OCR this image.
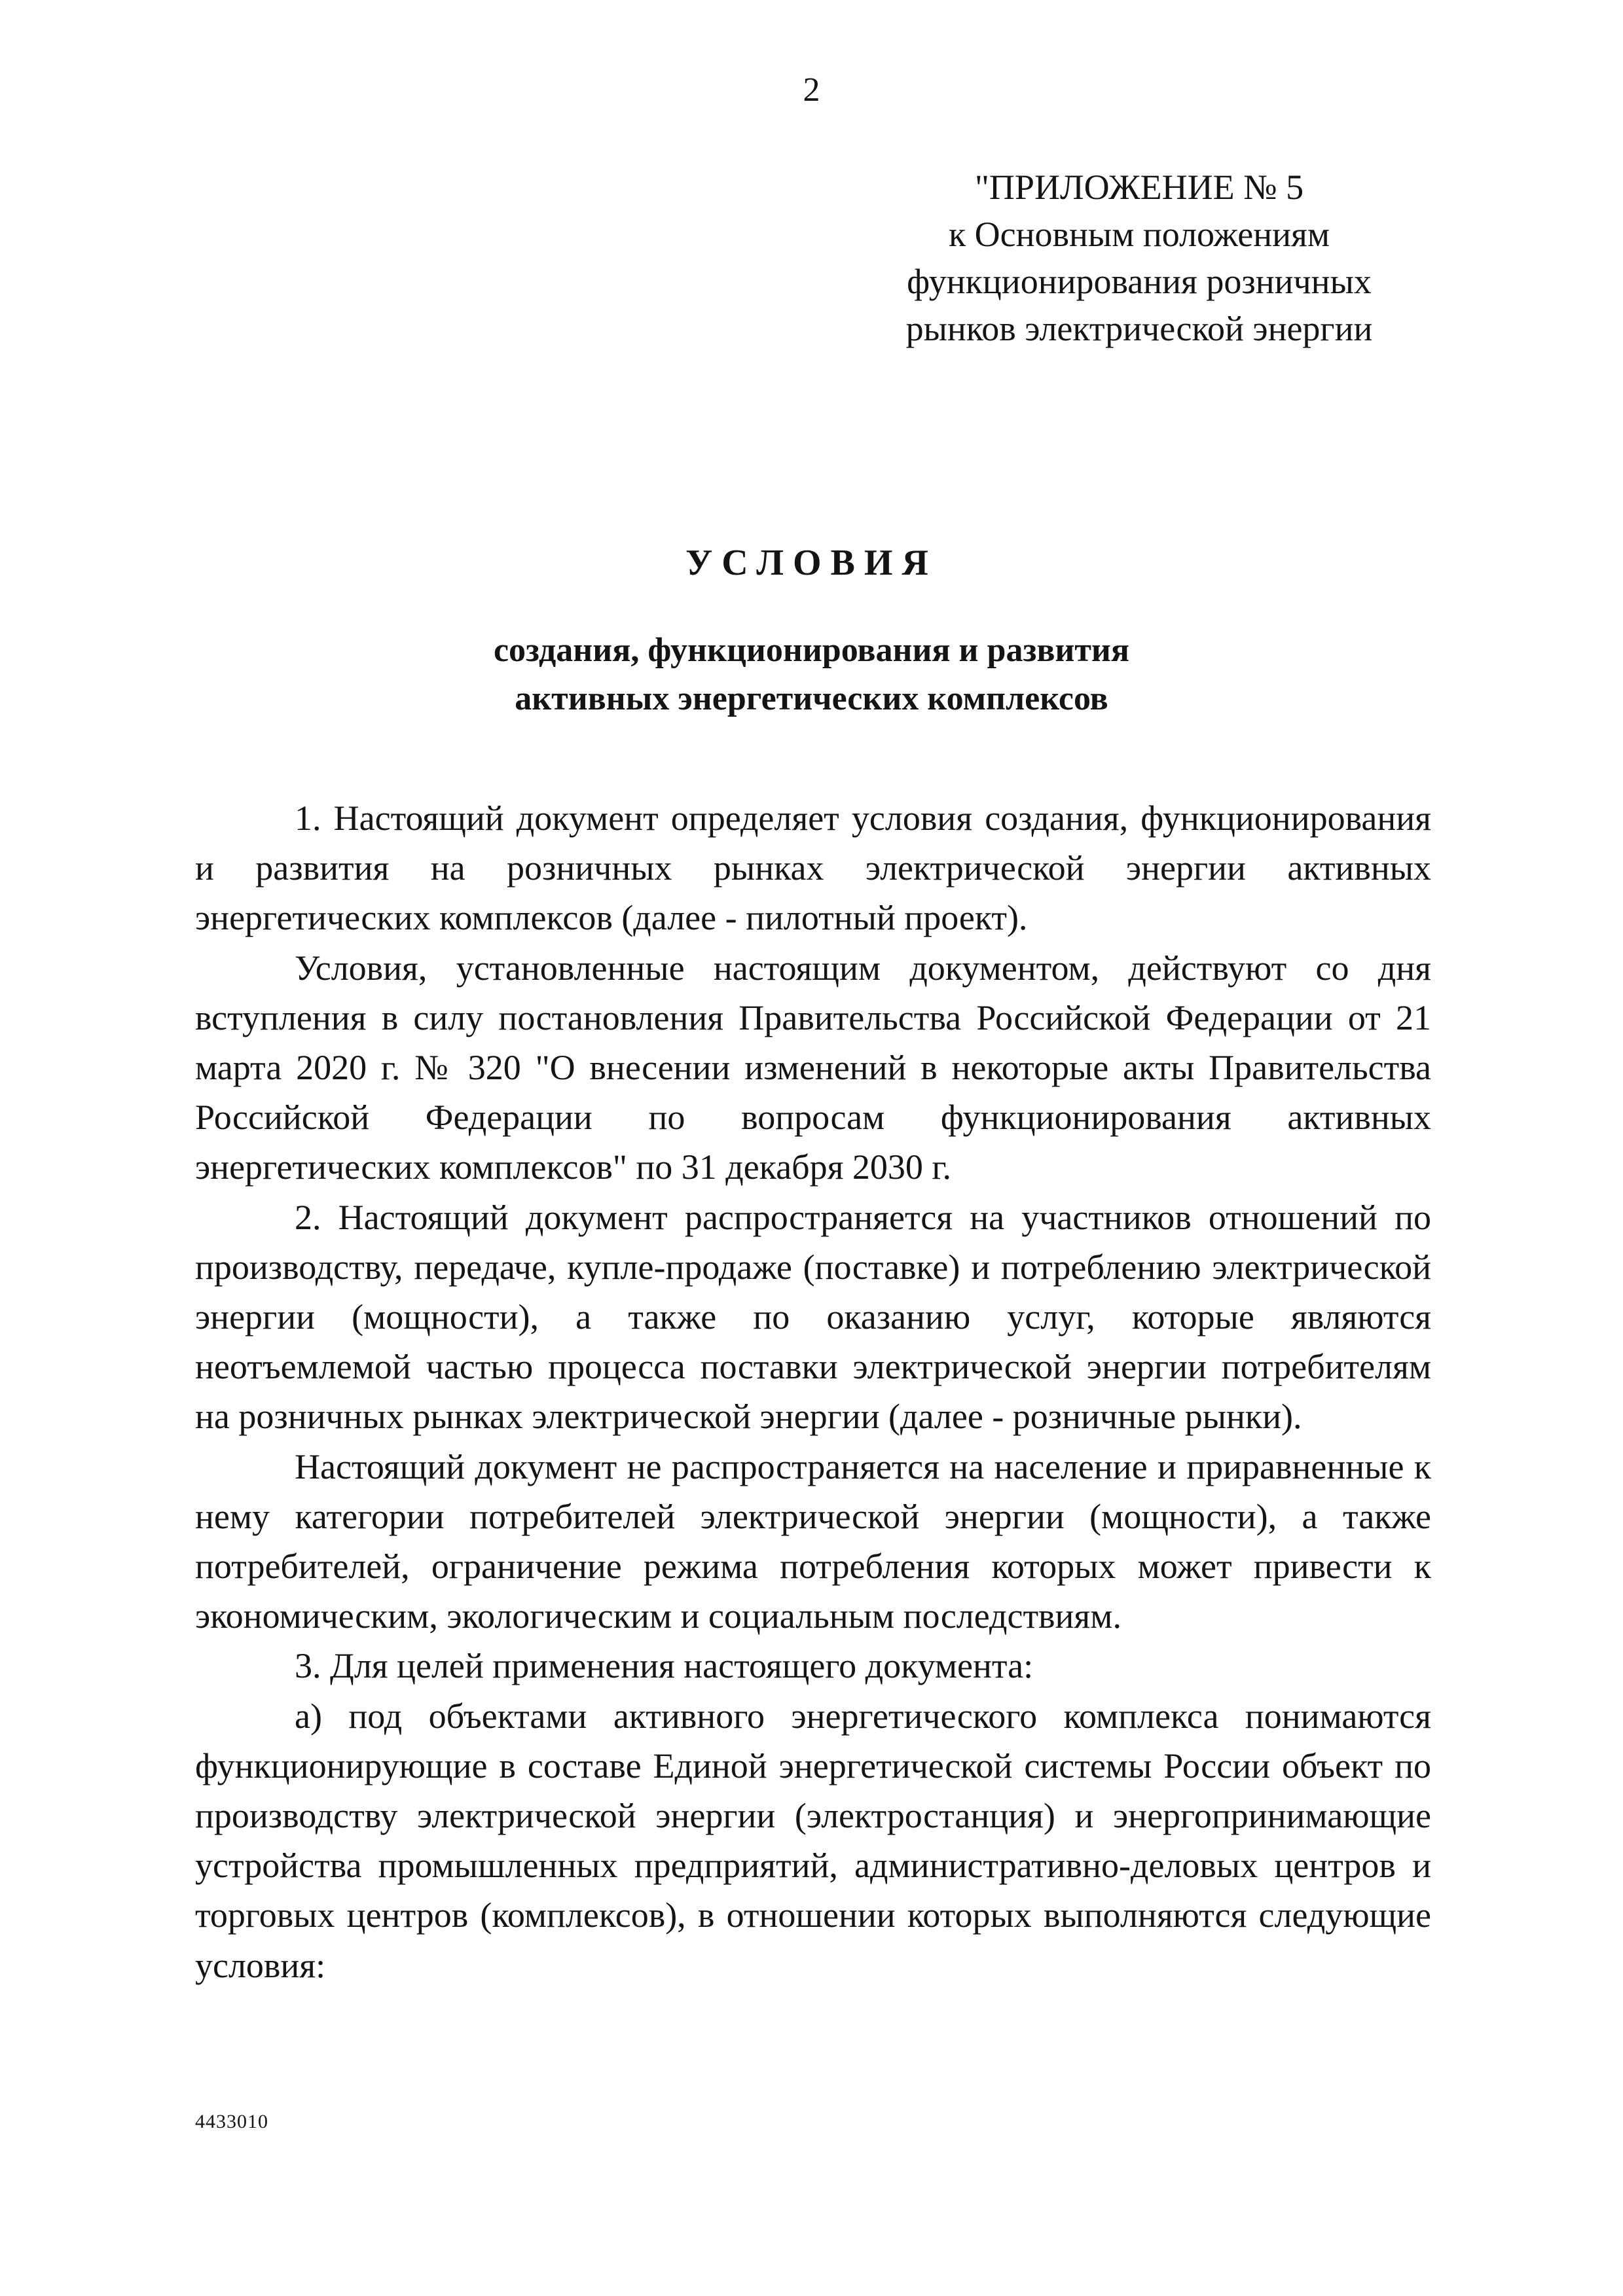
2
"ПРИЛОЖЕНИЕ № 5
к Основным положениям
функционирования розничных
рынков электрической энергии
УСЛОВИЯ
создания, функционирования и развития
активных энергетических комплексов

1. Настоящий документ определяет условия создания, функционирования и развития на розничных рынках электрической энергии активных энергетических комплексов (далее - пилотный проект).

Условия, установленные настоящим документом, действуют со дня вступления в силу постановления Правительства Российской Федерации от 21 марта 2020 г. № 320 "О внесении изменений в некоторые акты Правительства Российской Федерации по вопросам функционирования активных энергетических комплексов" по 31 декабря 2030 г.

2. Настоящий документ распространяется на участников отношений по производству, передаче, купле-продаже (поставке) и потреблению электрической энергии (мощности), а также по оказанию услуг, которые являются неотъемлемой частью процесса поставки электрической энергии потребителям на розничных рынках электрической энергии (далее - розничные рынки).

Настоящий документ не распространяется на население и приравненные к нему категории потребителей электрической энергии (мощности), а также потребителей, ограничение режима потребления которых может привести к экономическим, экологическим и социальным последствиям.

3. Для целей применения настоящего документа:

а) под объектами активного энергетического комплекса понимаются функционирующие в составе Единой энергетической системы России объект по производству электрической энергии (электростанция) и энергопринимающие устройства промышленных предприятий, административно-деловых центров и торговых центров (комплексов), в отношении которых выполняются следующие условия:

4433010
